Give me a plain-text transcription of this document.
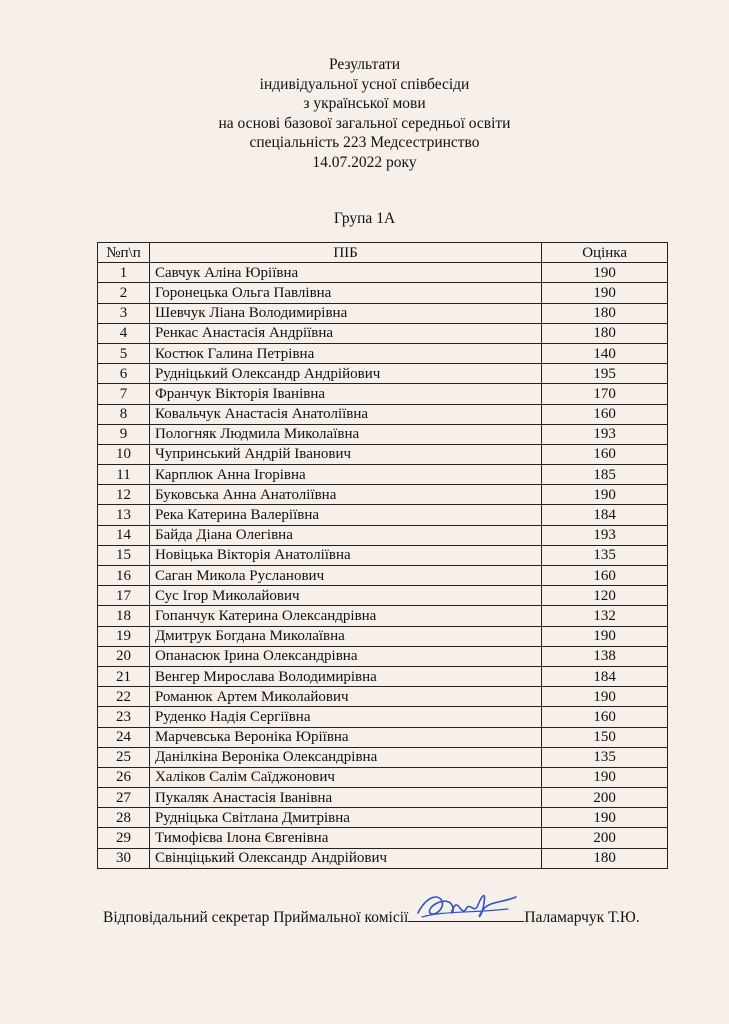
Результати
індивідуальної усної співбесіди
з української мови
на основі базової загальної середньої освіти
спеціальність 223 Медсестринство
14.07.2022 року
Група 1А
№п\п	ПІБ	Оцінка
1	Савчук Аліна Юріївна	190
2	Горонецька Ольга Павлівна	190
3	Шевчук Ліана Володимирівна	180
4	Ренкас Анастасія Андріївна	180
5	Костюк Галина Петрівна	140
6	Рудніцький Олександр Андрійович	195
7	Франчук Вікторія Іванівна	170
8	Ковальчук Анастасія Анатоліївна	160
9	Пологняк Людмила Миколаївна	193
10	Чупринський Андрій Іванович	160
11	Карплюк Анна Ігорівна	185
12	Буковська Анна Анатоліївна	190
13	Река Катерина Валеріївна	184
14	Байда Діана Олегівна	193
15	Новіцька Вікторія Анатоліївна	135
16	Саган Микола Русланович	160
17	Сус Ігор Миколайович	120
18	Гопанчук Катерина Олександрівна	132
19	Дмитрук Богдана Миколаївна	190
20	Опанасюк Ірина Олександрівна	138
21	Венгер Мирослава Володимирівна	184
22	Романюк Артем Миколайович	190
23	Руденко Надія Сергіївна	160
24	Марчевська Вероніка Юріївна	150
25	Данілкіна Вероніка Олександрівна	135
26	Халіков Салім Саїджонович	190
27	Пукаляк Анастасія Іванівна	200
28	Рудніцька Світлана Дмитрівна	190
29	Тимофієва Ілона Євгенівна	200
30	Свінціцький Олександр Андрійович	180
Відповідальний секретар Приймальної комісії	Паламарчук Т.Ю.
